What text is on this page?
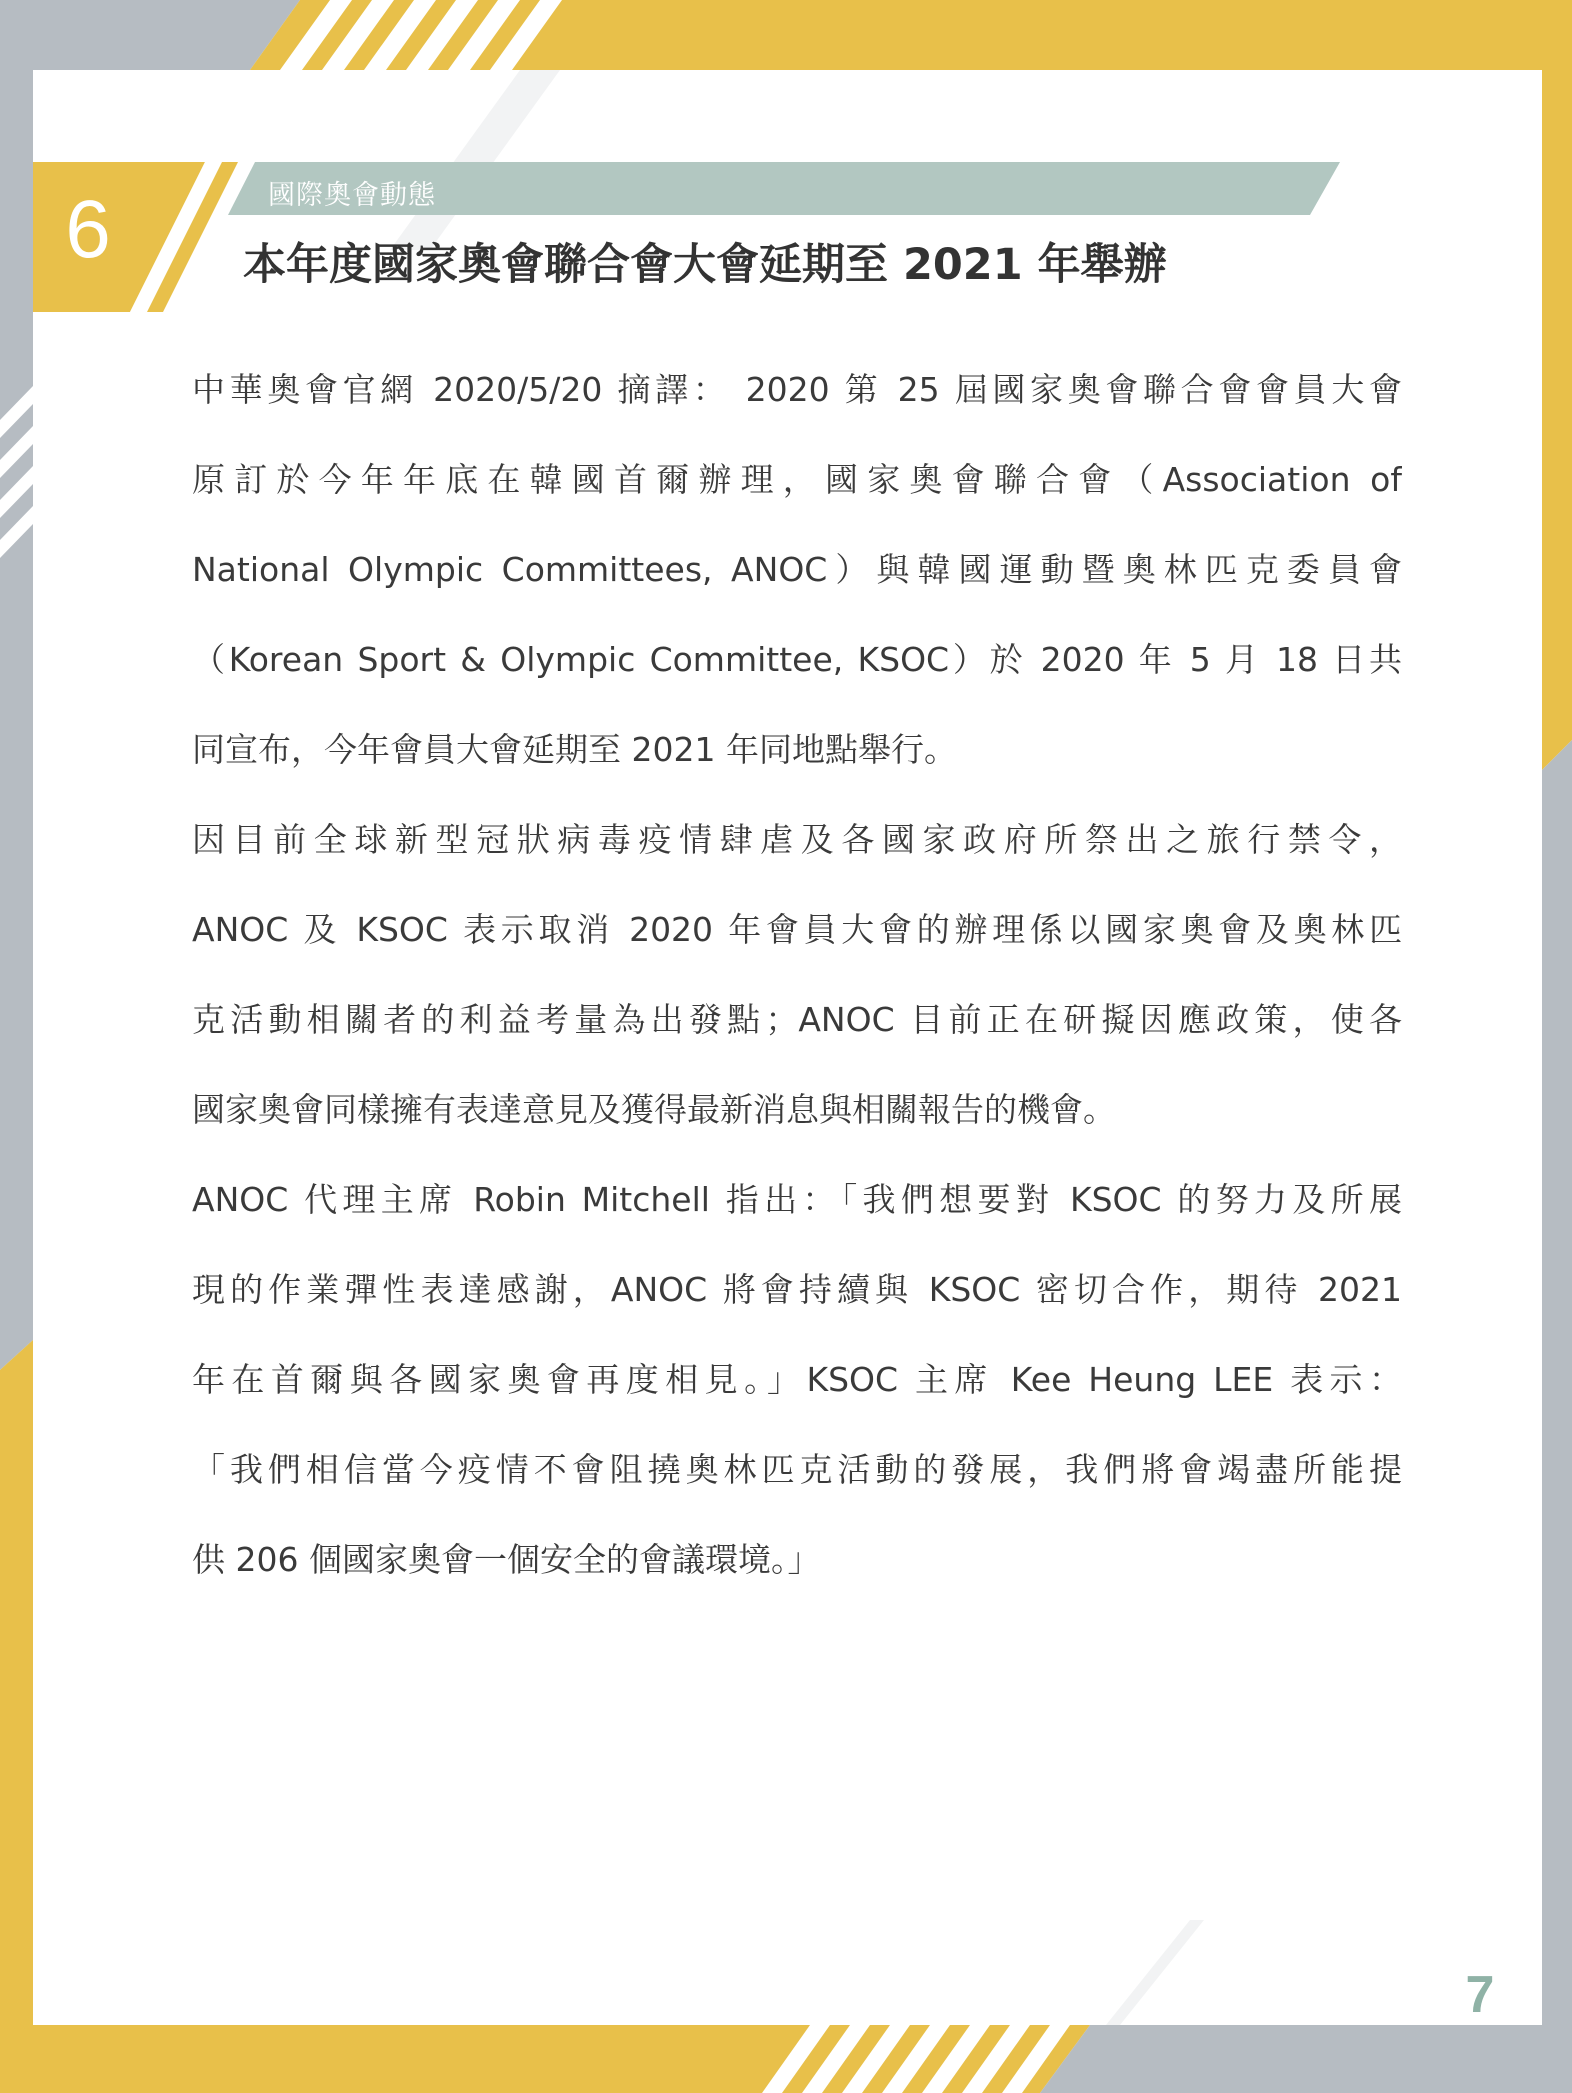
6	國際奧會動態
本年度國家奧會聯合會大會延期至 2021 年舉辦

中華奧會官網 2020/5/20 摘譯： 2020 第 25 屆國家奧會聯合會會員大會
原訂於今年年底在韓國首爾辦理，國家奧會聯合會（Association of
National Olympic Committees, ANOC）與韓國運動暨奧林匹克委員會
（Korean Sport & Olympic Committee, KSOC）於 2020 年 5 月 18 日共
同宣布，今年會員大會延期至 2021 年同地點舉行。

因目前全球新型冠狀病毒疫情肆虐及各國家政府所祭出之旅行禁令，
ANOC 及 KSOC 表示取消 2020 年會員大會的辦理係以國家奧會及奧林匹
克活動相關者的利益考量為出發點；ANOC 目前正在研擬因應政策，使各
國家奧會同樣擁有表達意見及獲得最新消息與相關報告的機會。

ANOC 代理主席 Robin Mitchell 指出：「我們想要對 KSOC 的努力及所展
現的作業彈性表達感謝，ANOC 將會持續與 KSOC 密切合作，期待 2021
年在首爾與各國家奧會再度相見。」KSOC 主席 Kee Heung LEE 表示：
「我們相信當今疫情不會阻撓奧林匹克活動的發展，我們將會竭盡所能提
供 206 個國家奧會一個安全的會議環境。」

7
